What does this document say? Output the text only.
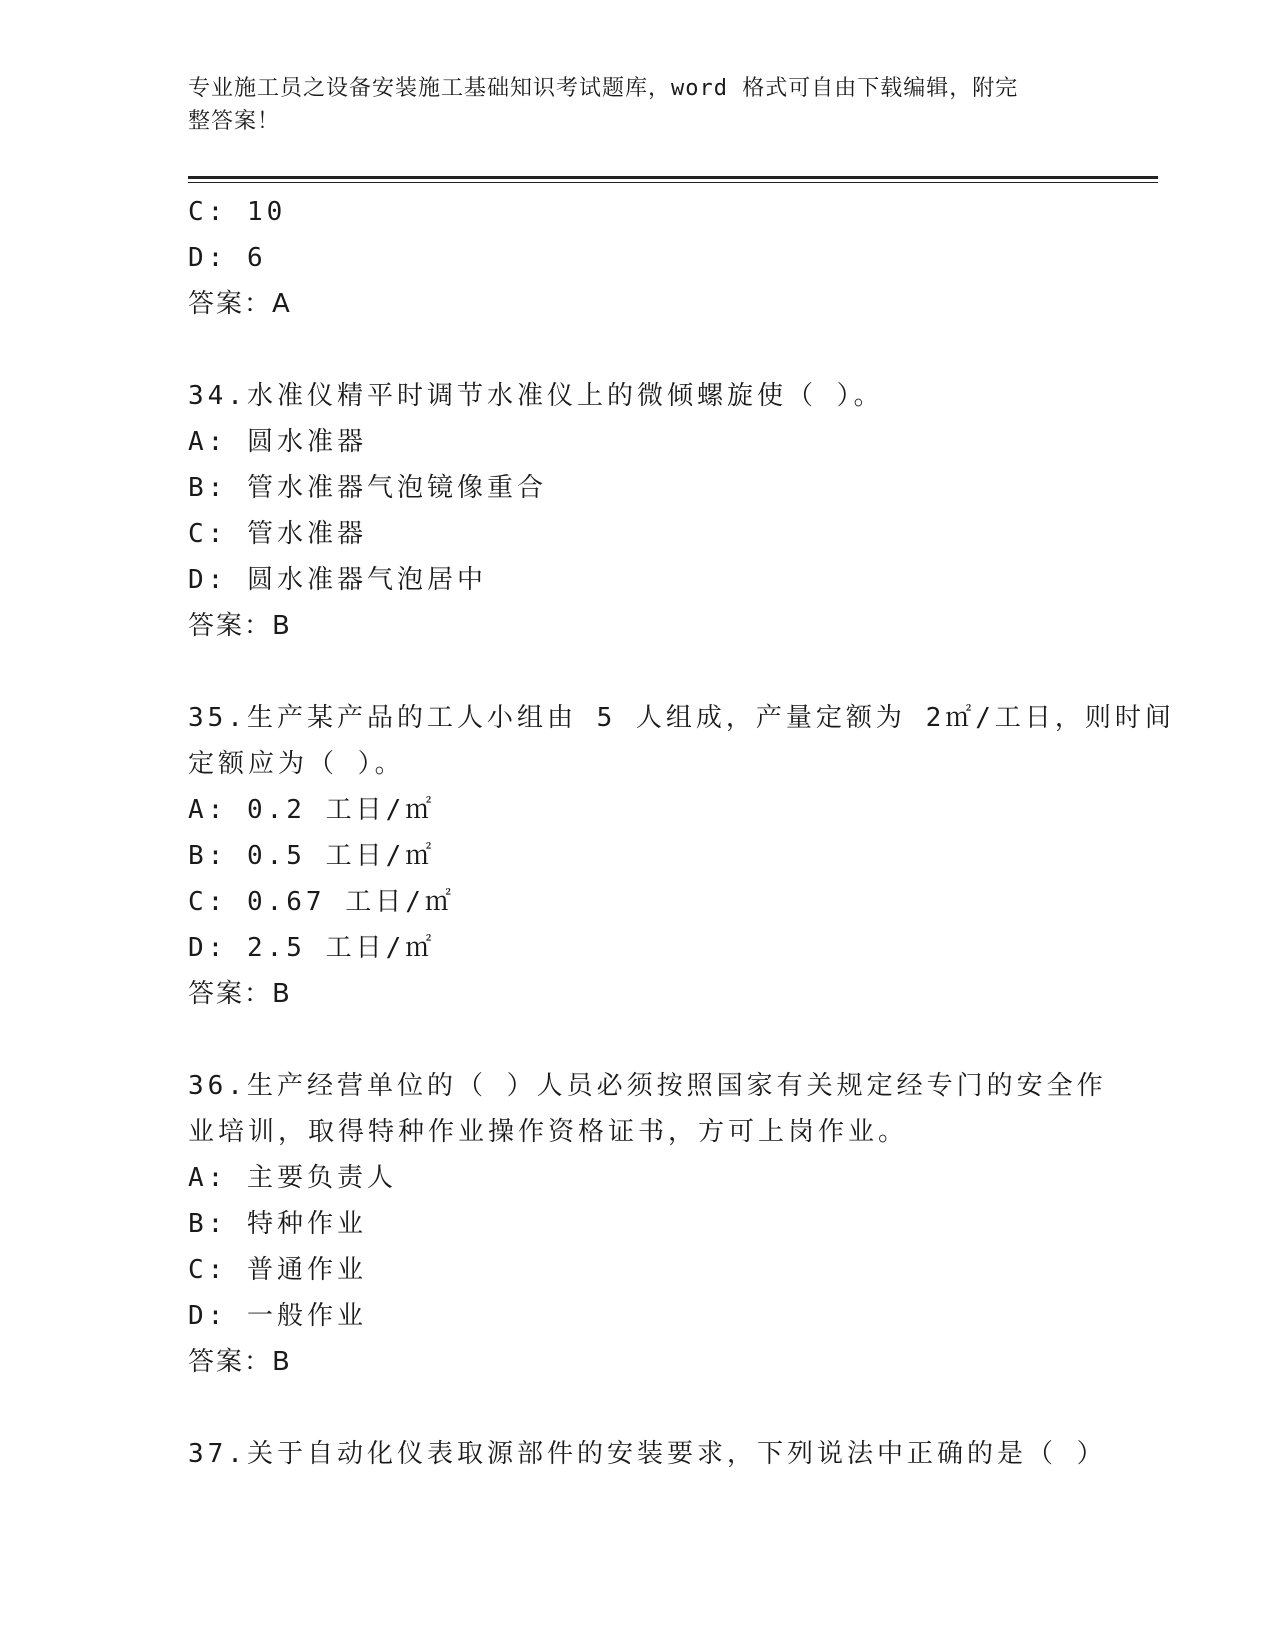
专业施工员之设备安装施工基础知识考试题库，word 格式可自由下载编辑，附完
整答案！
C: 10
D: 6
答案：A
34.水准仪精平时调节水准仪上的微倾螺旋使（ ）。
A: 圆水准器
B: 管水准器气泡镜像重合
C: 管水准器
D: 圆水准器气泡居中
答案：B
35.生产某产品的工人小组由 5 人组成，产量定额为 2㎡/工日，则时间
定额应为（ ）。
A: 0.2 工日/㎡
B: 0.5 工日/㎡
C: 0.67 工日/㎡
D: 2.5 工日/㎡
答案：B
36.生产经营单位的（ ）人员必须按照国家有关规定经专门的安全作
业培训，取得特种作业操作资格证书，方可上岗作业。
A: 主要负责人
B: 特种作业
C: 普通作业
D: 一般作业
答案：B
37.关于自动化仪表取源部件的安装要求，下列说法中正确的是（ ）
